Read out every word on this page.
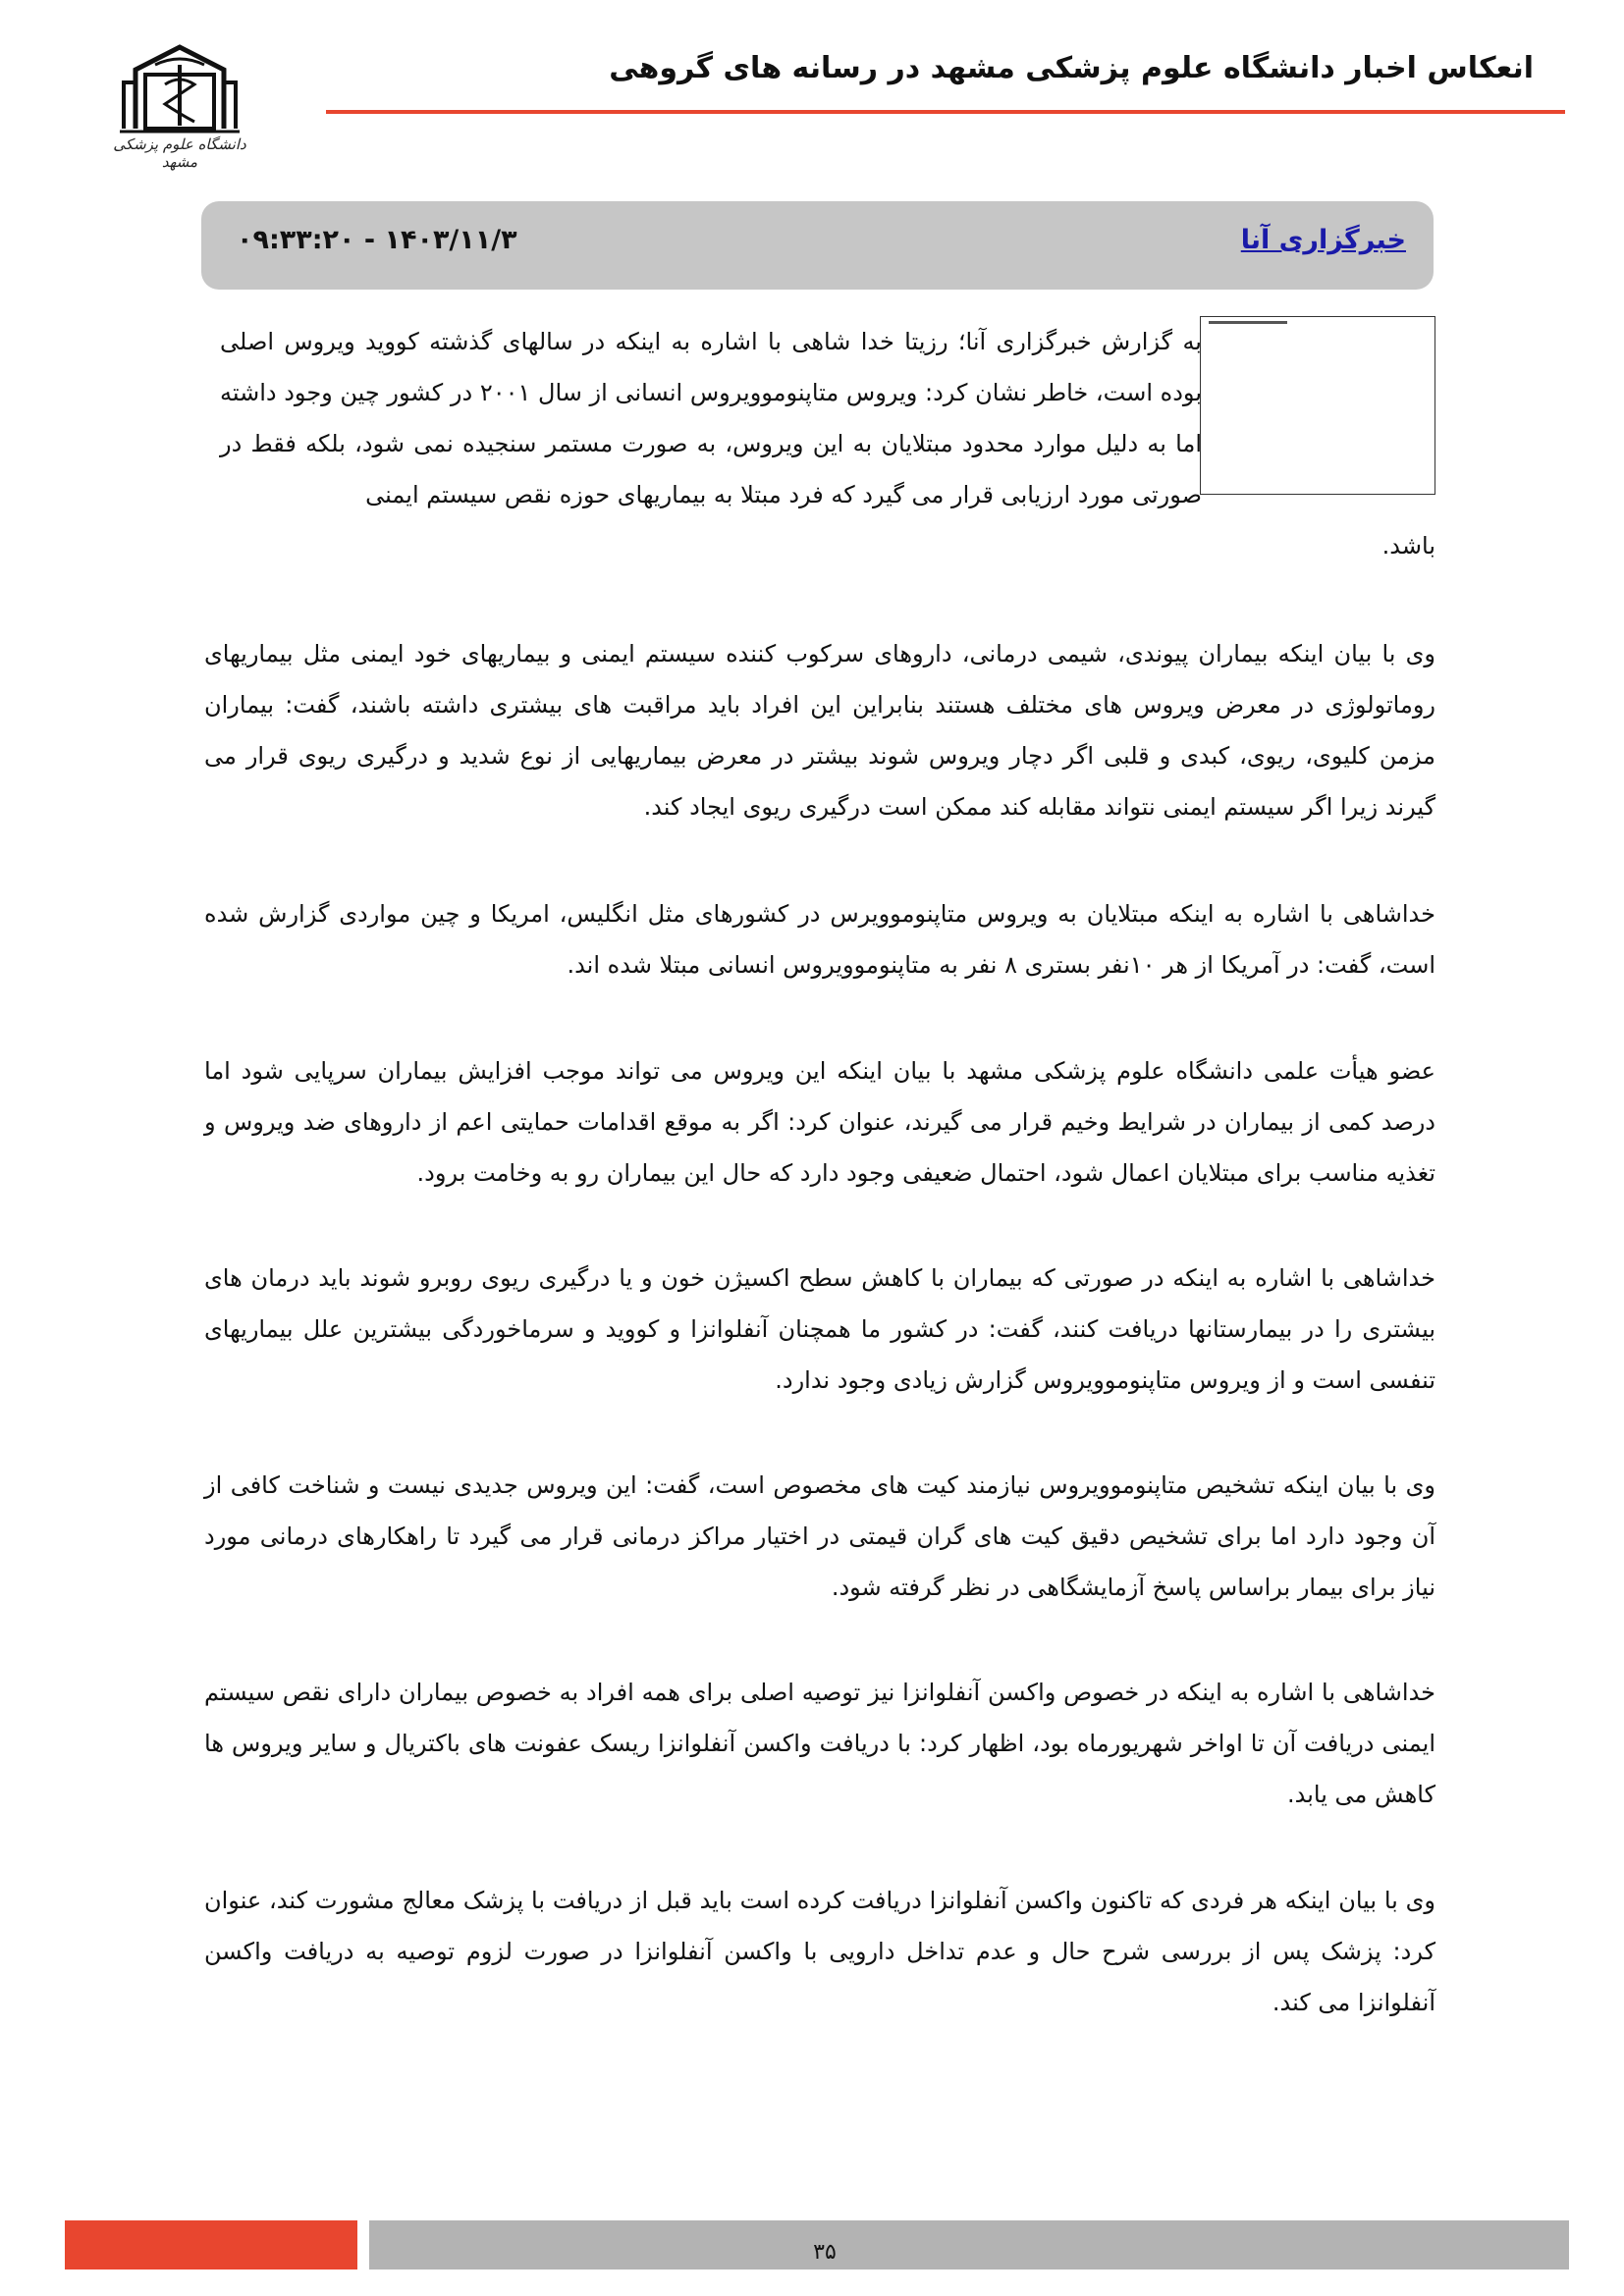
انعکاس اخبار دانشگاه علوم پزشکی مشهد در رسانه های گروهی
دانشگاه علوم پزشکی مشهد
خبرگزاری آنا
۱۴۰۳/۱۱/۳ - ۰۹:۳۳:۲۰
به گزارش خبرگزاری آنا؛ رزیتا خدا شاهی با اشاره به اینکه در سالهای گذشته کووید ویروس اصلی بوده است، خاطر نشان کرد: ویروس متاپنوموویروس انسانی از سال ۲۰۰۱ در کشور چین وجود داشته اما به دلیل موارد محدود مبتلایان به این ویروس، به صورت مستمر سنجیده نمی شود، بلکه فقط در صورتی مورد ارزیابی قرار می گیرد که فرد مبتلا به بیماریهای حوزه نقص سیستم ایمنی
باشد.
وی با بیان اینکه بیماران پیوندی، شیمی درمانی، داروهای سرکوب کننده سیستم ایمنی و بیماریهای خود ایمنی مثل بیماریهای روماتولوژی در معرض ویروس های مختلف هستند بنابراین این افراد باید مراقبت های بیشتری داشته باشند، گفت: بیماران مزمن کلیوی، ریوی، کبدی و قلبی اگر دچار ویروس شوند بیشتر در معرض بیماریهایی از نوع شدید و درگیری ریوی قرار می گیرند زیرا اگر سیستم ایمنی نتواند مقابله کند ممکن است درگیری ریوی ایجاد کند.
خداشاهی با اشاره به اینکه مبتلایان به ویروس متاپنوموویرس در کشورهای مثل انگلیس، امریکا و چین مواردی گزارش شده است، گفت: در آمریکا از هر ۱۰نفر بستری ۸ نفر به متاپنوموویروس انسانی مبتلا شده اند.
عضو هیأت علمی دانشگاه علوم پزشکی مشهد با بیان اینکه این ویروس می تواند موجب افزایش بیماران سرپایی شود اما درصد کمی از بیماران در شرایط وخیم قرار می گیرند، عنوان کرد: اگر به موقع اقدامات حمایتی اعم از داروهای ضد ویروس و تغذیه مناسب برای مبتلایان اعمال شود، احتمال ضعیفی وجود دارد که حال این بیماران رو به وخامت برود.
خداشاهی با اشاره به اینکه در صورتی که بیماران با کاهش سطح اکسیژن خون و یا درگیری ریوی روبرو شوند باید درمان های بیشتری را در بیمارستانها دریافت کنند، گفت: در کشور ما همچنان آنفلوانزا و کووید و سرماخوردگی بیشترین علل بیماریهای تنفسی است و از ویروس متاپنوموویروس گزارش زیادی وجود ندارد.
وی با بیان اینکه تشخیص متاپنوموویروس نیازمند کیت های مخصوص است، گفت: این ویروس جدیدی نیست و شناخت کافی از آن وجود دارد اما برای تشخیص دقیق کیت های گران قیمتی در اختیار مراکز درمانی قرار می گیرد تا راهکارهای درمانی مورد نیاز برای بیمار براساس پاسخ آزمایشگاهی در نظر گرفته شود.
خداشاهی با اشاره به اینکه در خصوص واکسن آنفلوانزا نیز توصیه اصلی برای همه افراد به خصوص بیماران دارای نقص سیستم ایمنی دریافت آن تا اواخر شهریورماه بود، اظهار کرد: با دریافت واکسن آنفلوانزا ریسک عفونت های باکتریال و سایر ویروس ها کاهش می یابد.
وی با بیان اینکه هر فردی که تاکنون واکسن آنفلوانزا دریافت کرده است باید قبل از دریافت با پزشک معالج مشورت کند، عنوان کرد: پزشک پس از بررسی شرح حال و عدم تداخل دارویی با واکسن آنفلوانزا در صورت لزوم توصیه به دریافت واکسن آنفلوانزا می کند.
۳۵
